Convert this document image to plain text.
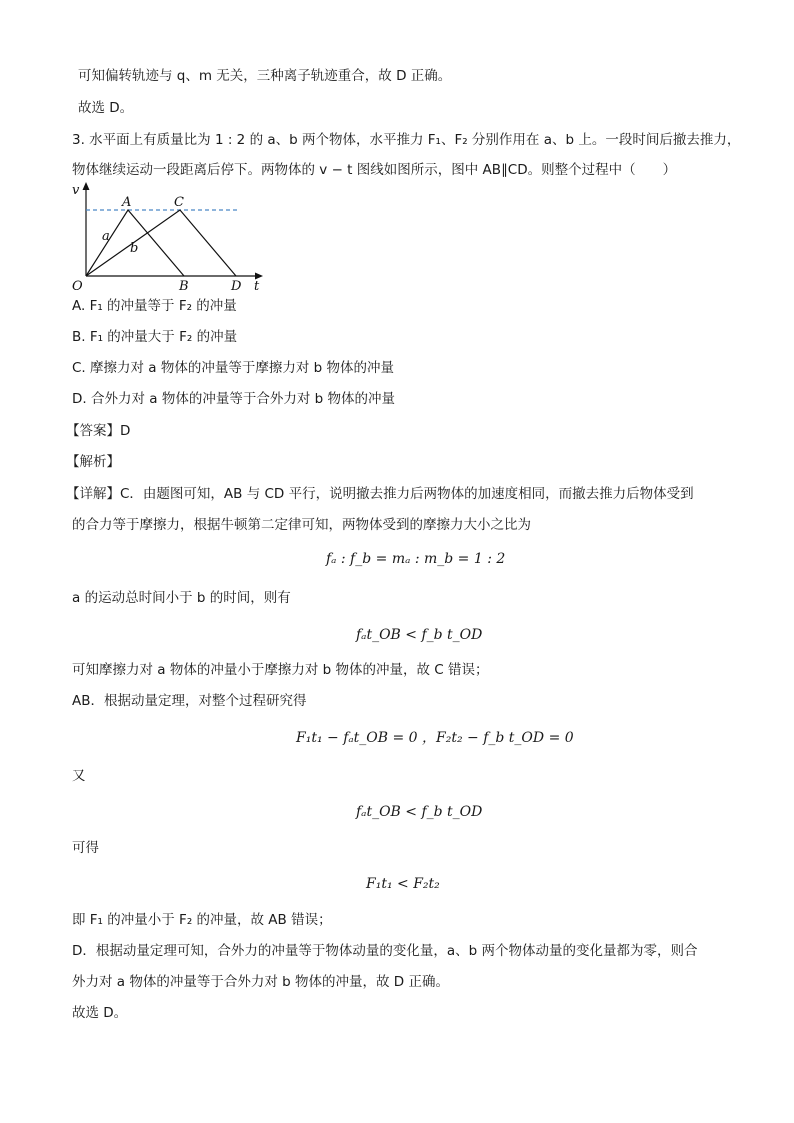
可知偏转轨迹与 q、m 无关，三种离子轨迹重合，故 D 正确。
故选 D。
3. 水平面上有质量比为 1 : 2 的 a、b 两个物体，水平推力 F₁、F₂ 分别作用在 a、b 上。一段时间后撤去推力，
物体继续运动一段距离后停下。两物体的 v − t 图线如图所示，图中 AB∥CD。则整个过程中（　　）
v
t
O
A	C
B	D
a
b
A. F₁ 的冲量等于 F₂ 的冲量
B. F₁ 的冲量大于 F₂ 的冲量
C. 摩擦力对 a 物体的冲量等于摩擦力对 b 物体的冲量
D. 合外力对 a 物体的冲量等于合外力对 b 物体的冲量
【答案】D
【解析】
【详解】C．由题图可知，AB 与 CD 平行，说明撤去推力后两物体的加速度相同，而撤去推力后物体受到
的合力等于摩擦力，根据牛顿第二定律可知，两物体受到的摩擦力大小之比为
fₐ : f_b = mₐ : m_b = 1 : 2
a 的运动总时间小于 b 的时间，则有
fₐt_OB < f_b t_OD
可知摩擦力对 a 物体的冲量小于摩擦力对 b 物体的冲量，故 C 错误；
AB．根据动量定理，对整个过程研究得
F₁t₁ − fₐt_OB = 0 ，F₂t₂ − f_b t_OD = 0
又
fₐt_OB < f_b t_OD
可得
F₁t₁ < F₂t₂
即 F₁ 的冲量小于 F₂ 的冲量，故 AB 错误；
D．根据动量定理可知，合外力的冲量等于物体动量的变化量，a、b 两个物体动量的变化量都为零，则合
外力对 a 物体的冲量等于合外力对 b 物体的冲量，故 D 正确。
故选 D。
